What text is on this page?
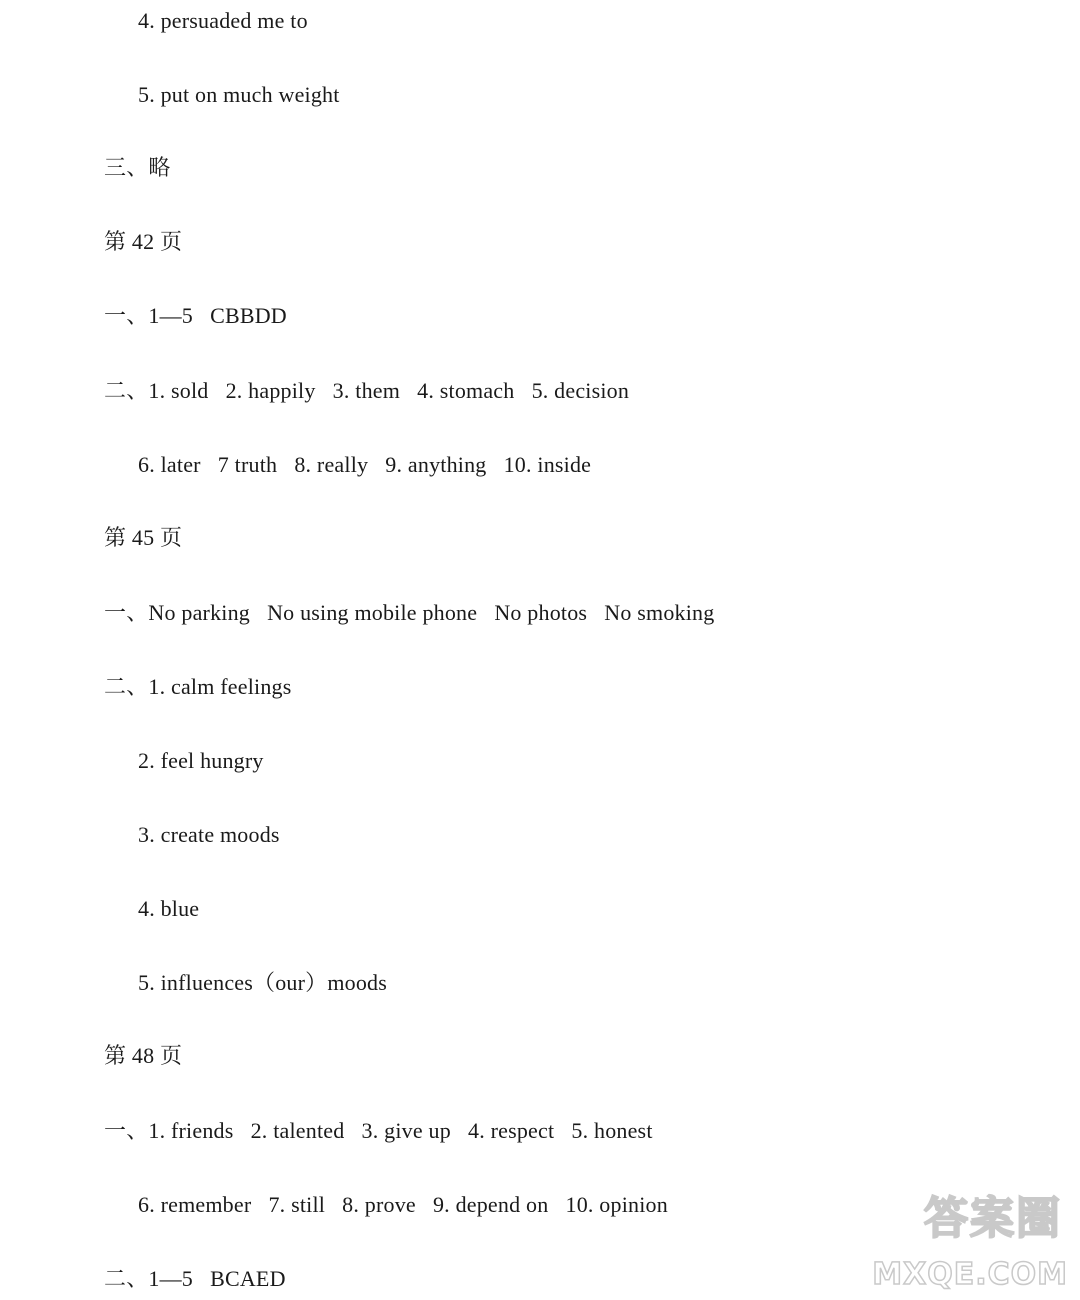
4. persuaded me to
5. put on much weight
三、略
第 42 页
一、1—5   CBBDD
二、1. sold   2. happily   3. them   4. stomach   5. decision
6. later   7 truth   8. really   9. anything   10. inside
第 45 页
一、No parking   No using mobile phone   No photos   No smoking
二、1. calm feelings
2. feel hungry
3. create moods
4. blue
5. influences（our）moods
第 48 页
一、1. friends   2. talented   3. give up   4. respect   5. honest
6. remember   7. still   8. prove   9. depend on   10. opinion
二、1—5   BCAED
答案圈
MXQE.COM
